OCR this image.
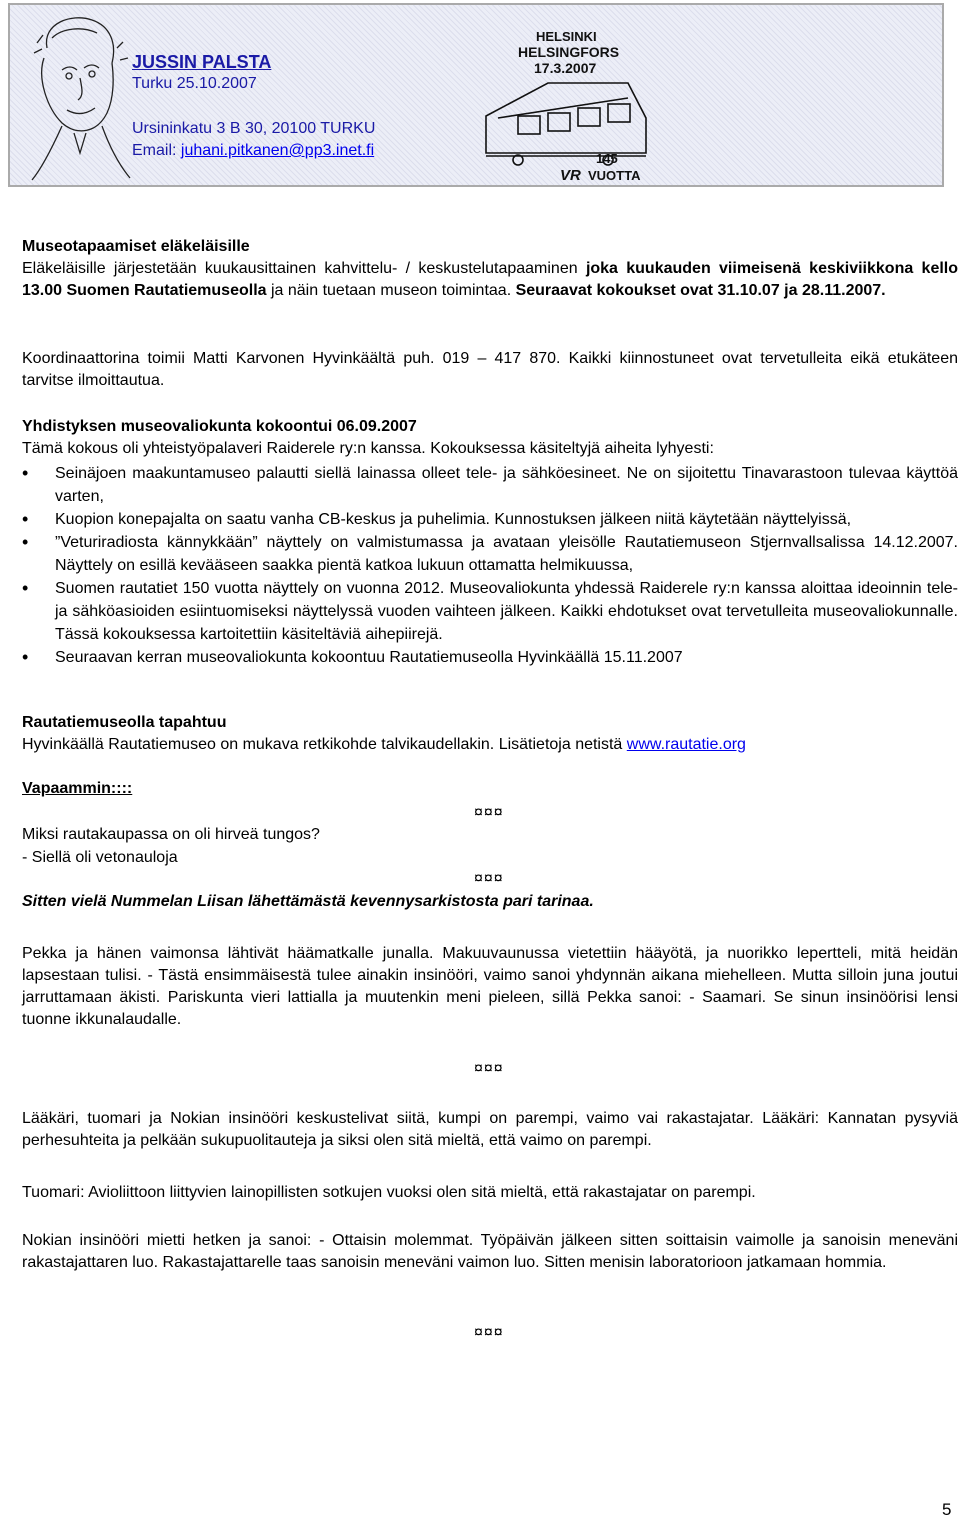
JUSSIN PALSTA
Turku 25.10.2007
Ursininkatu 3 B 30, 20100 TURKU
Email: juhani.pitkanen@pp3.inet.fi
HELSINKI
HELSINGFORS
17.3.2007
145
VR VUOTTA
Museotapaamiset eläkeläisille
Eläkeläisille järjestetään kuukausittainen kahvittelu- / keskustelutapaaminen joka kuukauden viimeisenä keskiviikkona kello 13.00 Suomen Rautatiemuseolla ja näin tuetaan museon toimintaa. Seuraavat kokoukset ovat 31.10.07 ja 28.11.2007.
Koordinaattorina toimii Matti Karvonen Hyvinkäältä puh. 019 – 417 870. Kaikki kiinnostuneet ovat tervetulleita eikä etukäteen tarvitse ilmoittautua.
Yhdistyksen museovaliokunta kokoontui 06.09.2007
Tämä kokous oli yhteistyöpalaveri Raiderele ry:n kanssa. Kokouksessa käsiteltyjä aiheita lyhyesti:
• Seinäjoen maakuntamuseo palautti siellä lainassa olleet tele- ja sähköesineet. Ne on sijoitettu Tinavarastoon tulevaa käyttöä varten,
• Kuopion konepajalta on saatu vanha CB-keskus ja puhelimia. Kunnostuksen jälkeen niitä käytetään näyttelyissä,
• ”Veturiradiosta kännykkään” näyttely on valmistumassa ja avataan yleisölle Rautatiemuseon Stjernvallsalissa 14.12.2007. Näyttely on esillä kevääseen saakka pientä katkoa lukuun ottamatta helmikuussa,
• Suomen rautatiet 150 vuotta näyttely on vuonna 2012. Museovaliokunta yhdessä Raiderele ry:n kanssa aloittaa ideoinnin tele- ja sähköasioiden esiintuomiseksi näyttelyssä vuoden vaihteen jälkeen. Kaikki ehdotukset ovat tervetulleita museovaliokunnalle. Tässä kokouksessa kartoitettiin käsiteltäviä aihepiirejä.
• Seuraavan kerran museovaliokunta kokoontuu Rautatiemuseolla Hyvinkäällä 15.11.2007
Rautatiemuseolla tapahtuu
Hyvinkäällä Rautatiemuseo on mukava retkikohde talvikaudellakin. Lisätietoja netistä www.rautatie.org
Vapaammin::::
¤¤¤
Miksi rautakaupassa on oli hirveä tungos?
- Siellä oli vetonauloja
¤¤¤
Sitten vielä Nummelan Liisan lähettämästä kevennysarkistosta pari tarinaa.
Pekka ja hänen vaimonsa lähtivät häämatkalle junalla. Makuuvaunussa vietettiin hääyötä, ja nuorikko lepertteli, mitä heidän lapsestaan tulisi. - Tästä ensimmäisestä tulee ainakin insinööri, vaimo sanoi yhdynnän aikana miehelleen. Mutta silloin juna joutui jarruttamaan äkisti. Pariskunta vieri lattialla ja muutenkin meni pieleen, sillä Pekka sanoi: - Saamari. Se sinun insinöörisi lensi tuonne ikkunalaudalle.
¤¤¤
Lääkäri, tuomari ja Nokian insinööri keskustelivat siitä, kumpi on parempi, vaimo vai rakastajatar. Lääkäri: Kannatan pysyviä perhesuhteita ja pelkään sukupuolitauteja ja siksi olen sitä mieltä, että vaimo on parempi.
Tuomari: Avioliittoon liittyvien lainopillisten sotkujen vuoksi olen sitä mieltä, että rakastajatar on parempi.
Nokian insinööri mietti hetken ja sanoi: - Ottaisin molemmat. Työpäivän jälkeen sitten soittaisin vaimolle ja sanoisin meneväni rakastajattaren luo. Rakastajattarelle taas sanoisin meneväni vaimon luo. Sitten menisin laboratorioon jatkamaan hommia.
¤¤¤
5
